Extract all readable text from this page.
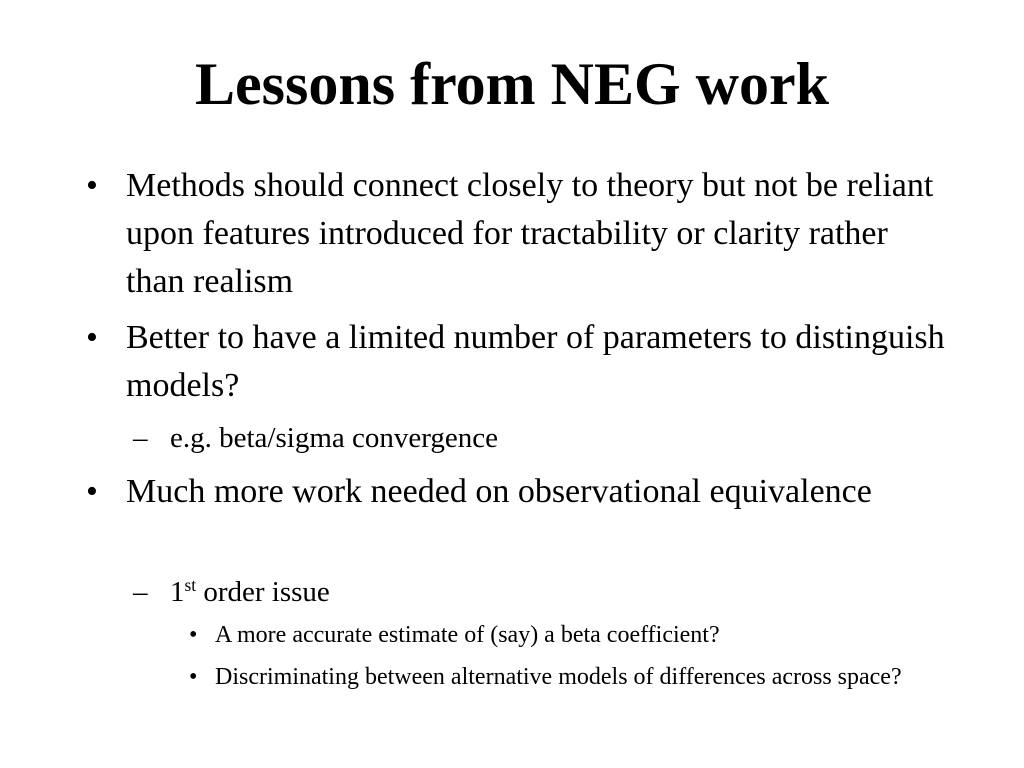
Lessons from NEG work

• Methods should connect closely to theory but not be reliant upon features introduced for tractability or clarity rather than realism

• Better to have a limited number of parameters to distinguish models?

– e.g. beta/sigma convergence

• Much more work needed on observational equivalence

– 1st order issue

• A more accurate estimate of (say) a beta coefficient?

• Discriminating between alternative models of differences across space?
